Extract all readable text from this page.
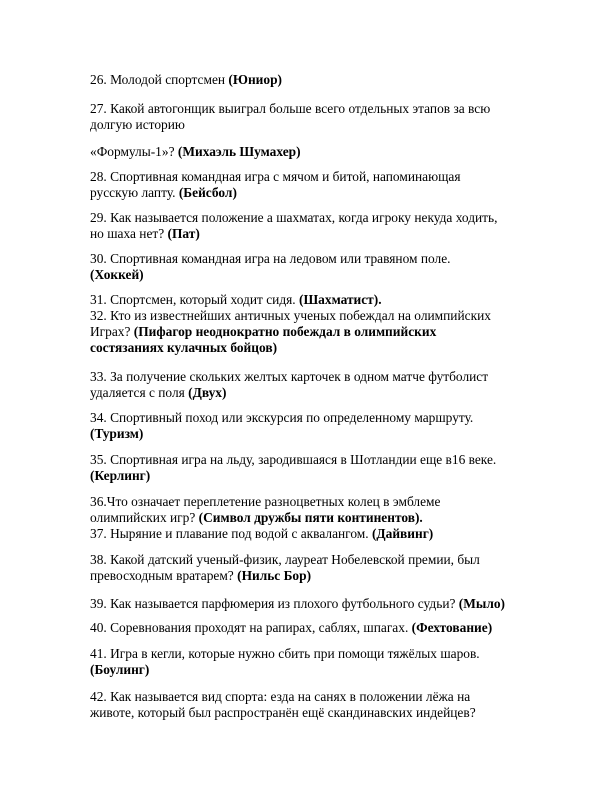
26. Молодой спортсмен (Юниор)

27. Какой автогонщик выиграл больше всего отдельных этапов за всю
долгую историю

«Формулы-1»? (Михаэль Шумахер)

28. Спортивная командная игра с мячом и битой, напоминающая
русскую лапту. (Бейсбол)

29. Как называется положение а шахматах, когда игроку некуда ходить,
но шаха нет? (Пат)

30. Спортивная командная игра на ледовом или травяном поле.
(Хоккей)

31. Спортсмен, который ходит сидя. (Шахматист).
32. Кто из известнейших античных ученых побеждал на олимпийских
Играх? (Пифагор неоднократно побеждал в олимпийских
состязаниях кулачных бойцов)

33. За получение скольких желтых карточек в одном матче футболист
удаляется с поля (Двух)

34. Спортивный поход или экскурсия по определенному маршруту.
(Туризм)

35. Спортивная игра на льду, зародившаяся в Шотландии еще в16 веке.
(Керлинг)

36.Что означает переплетение разноцветных колец в эмблеме
олимпийских игр? (Символ дружбы пяти континентов).
37. Ныряние и плавание под водой с аквалангом. (Дайвинг)

38. Какой датский ученый-физик, лауреат Нобелевской премии, был
превосходным вратарем? (Нильс Бор)

39. Как называется парфюмерия из плохого футбольного судьи? (Мыло)

40. Соревнования проходят на рапирах, саблях, шпагах. (Фехтование)

41. Игра в кегли, которые нужно сбить при помощи тяжёлых шаров.
(Боулинг)

42. Как называется вид спорта: езда на санях в положении лёжа на
животе, который был распространён ещё скандинавских индейцев?
